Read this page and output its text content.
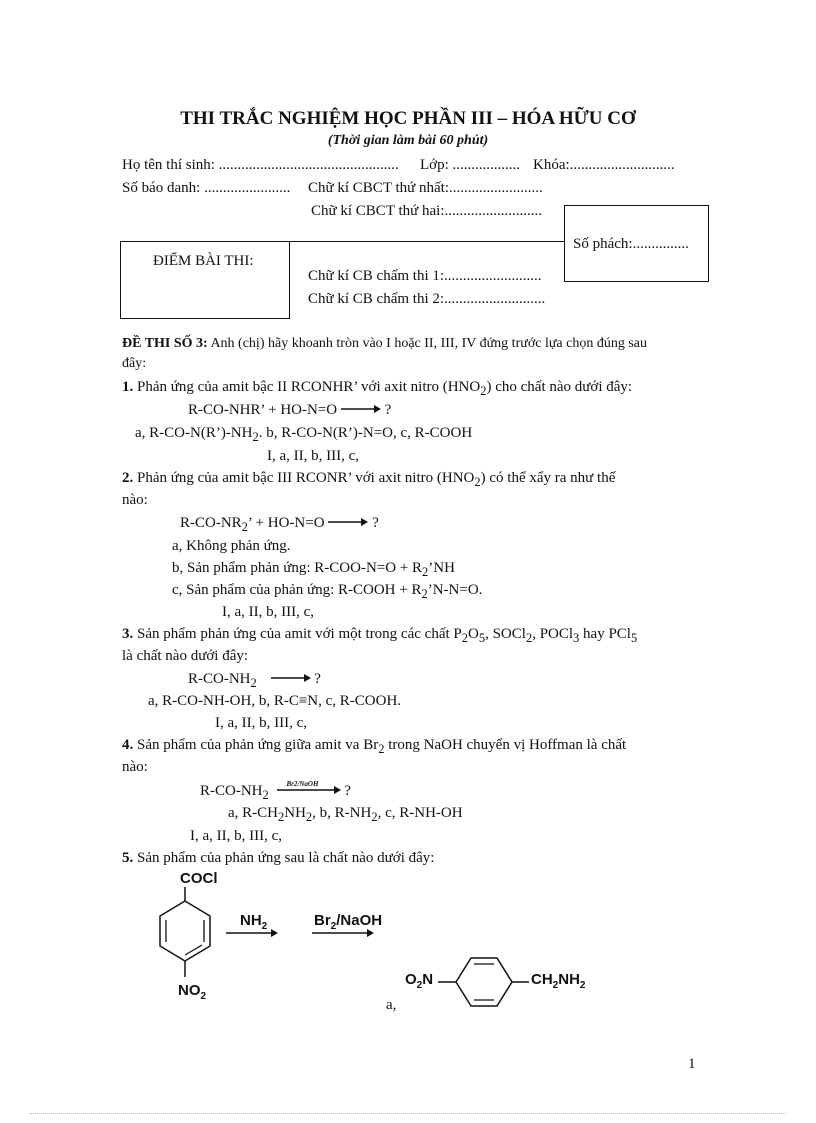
THI TRẮC NGHIỆM HỌC PHẦN III – HÓA HỮU CƠ
(Thời gian làm bài 60 phút)
Họ tên thí sinh: ................................................ Lớp: .................. Khóa:............................
Số báo danh: ....................... Chữ kí CBCT thứ nhất:.........................
Chữ kí CBCT thứ hai:..........................
Số phách:...............
ĐIỂM BÀI THI:
Chữ kí CB chấm thi 1:..........................
Chữ kí CB chấm thi 2:...........................
ĐỀ THI SỐ 3: Anh (chị) hãy khoanh tròn vào I hoặc II, III, IV đứng trước lựa chọn đúng sau
đây:
1. Phản ứng của amit bậc II RCONHR’ với axit nitro $(HNO_2)$ cho chất nào dưới đây:
R-CO-NHR’ + HO-N=O	?
a, $R-CO-N(R’)-NH_2$. b, R-CO-N(R’)-N=O, c, R-COOH
I, a, II, b, III, c,
2. Phản ứng của amit bậc III RCONR’ với axit nitro $(HNO_2)$ có thể xẩy ra như thế
nào:
$R-CO-NR_2$’ + HO-N=O	?
a, Không phản ứng.
b, Sản phẩm phản ứng: $R-COO-N=O + R_2’NH$
c, Sản phẩm của phản ứng: R-COOH + $R_2’N-N=O$.
I, a, II, b, III, c,
3. Sản phẩm phản ứng của amit với một trong các chất $P_2O_5$, SOCl$_2$, POCl$_3$ hay PCl$_5$
là chất nào dưới đây:
$R-CO-NH_2$	?
a, R-CO-NH-OH, b, R-C≡N, c, R-COOH.
I, a, II, b, III, c,
4. Sản phẩm của phản ứng giữa amit va $Br_2$ trong NaOH chuyển vị Hoffman là chất
nào:
$R-CO-NH_2$
Br2/NaOH ?
a, $R-CH_2NH_2$, b, $R-NH_2$, c, R-NH-OH
I, a, II, b, III, c,
5. Sản phẩm của phản ứng sau là chất nào dưới đây:
COCl
$NO_2$
$NH_2$	$Br_2$/NaOH
$O_2N$	$CH_2NH_2$
a,
1
